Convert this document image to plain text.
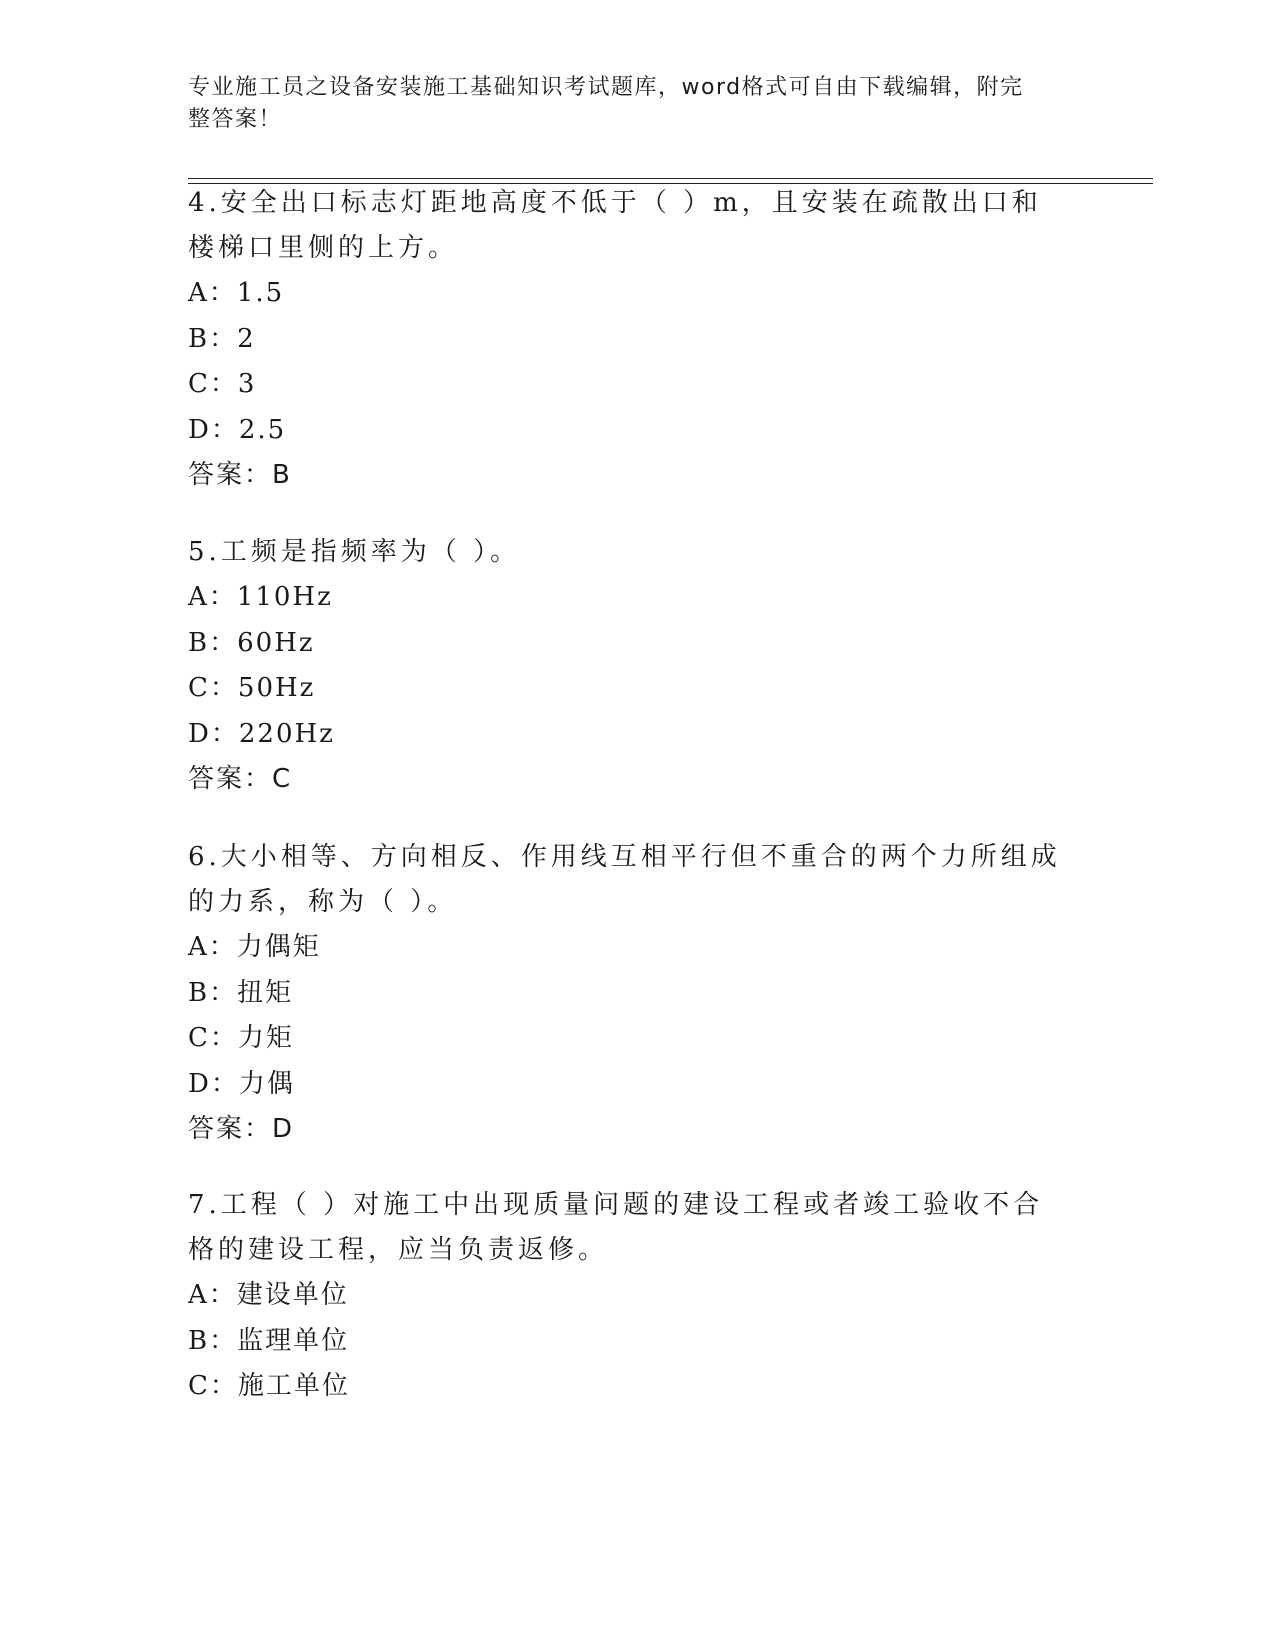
专业施工员之设备安装施工基础知识考试题库，word格式可自由下载编辑，附完
整答案！

4.安全出口标志灯距地高度不低于（ ）m，且安装在疏散出口和楼梯口里侧的上方。

A：1.5

B：2

C：3

D：2.5

答案：B

5.工频是指频率为（ ）。

A：110Hz

B：60Hz

C：50Hz

D：220Hz

答案：C

6.大小相等、方向相反、作用线互相平行但不重合的两个力所组成的力系，称为（ ）。

A：力偶矩

B：扭矩

C：力矩

D：力偶

答案：D

7.工程（ ）对施工中出现质量问题的建设工程或者竣工验收不合格的建设工程，应当负责返修。

A：建设单位

B：监理单位

C：施工单位
